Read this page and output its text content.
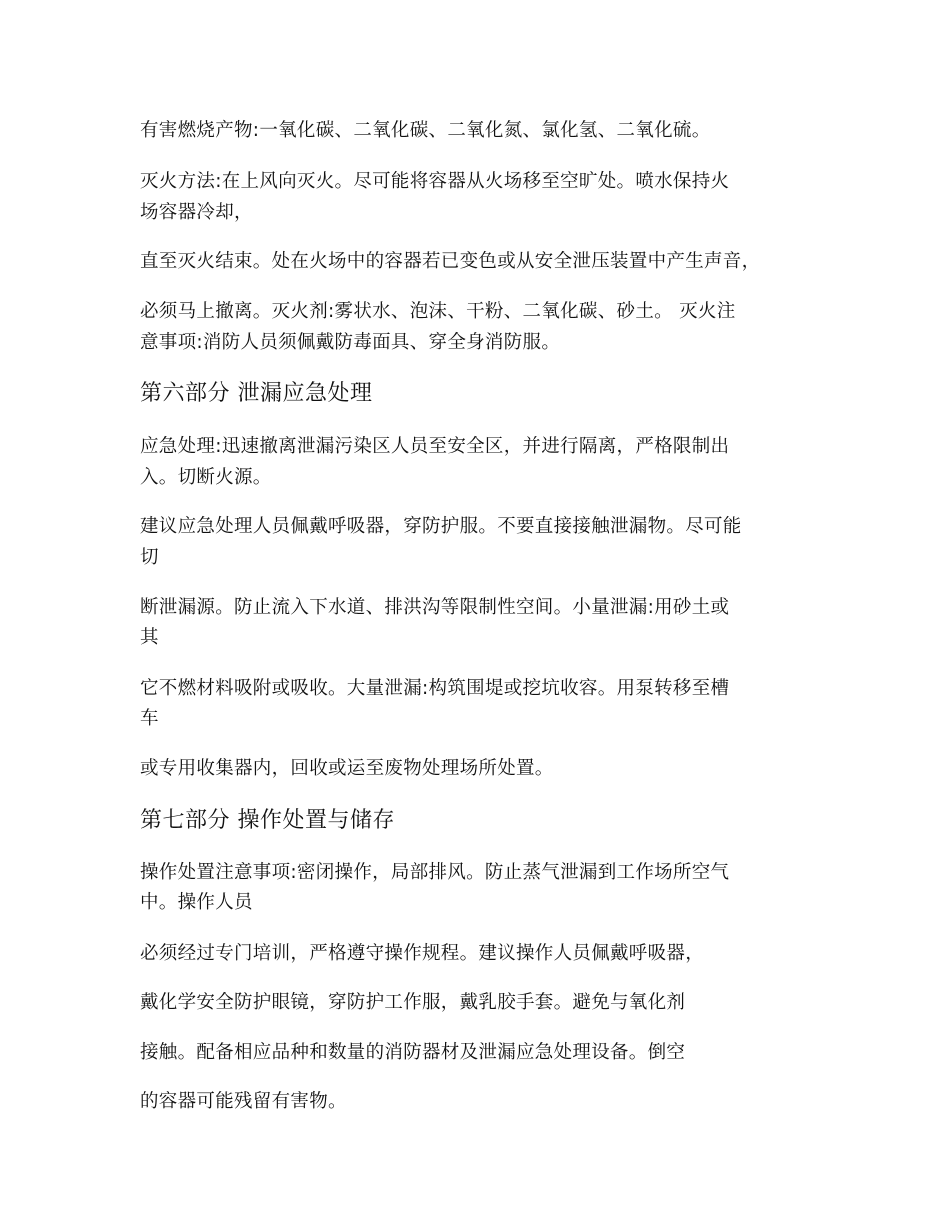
有害燃烧产物:一氧化碳、二氧化碳、二氧化氮、氯化氢、二氧化硫。

灭火方法:在上风向灭火。尽可能将容器从火场移至空旷处。喷水保持火

场容器冷却，

直至灭火结束。处在火场中的容器若已变色或从安全泄压装置中产生声音，

必须马上撤离。灭火剂:雾状水、泡沫、干粉、二氧化碳、砂土。 灭火注

意事项:消防人员须佩戴防毒面具、穿全身消防服。

第六部分 泄漏应急处理

应急处理:迅速撤离泄漏污染区人员至安全区，并进行隔离，严格限制出

入。切断火源。

建议应急处理人员佩戴呼吸器，穿防护服。不要直接接触泄漏物。尽可能

切

断泄漏源。防止流入下水道、排洪沟等限制性空间。小量泄漏:用砂土或

其

它不燃材料吸附或吸收。大量泄漏:构筑围堤或挖坑收容。用泵转移至槽

车

或专用收集器内，回收或运至废物处理场所处置。

第七部分 操作处置与储存

操作处置注意事项:密闭操作，局部排风。防止蒸气泄漏到工作场所空气

中。操作人员

必须经过专门培训，严格遵守操作规程。建议操作人员佩戴呼吸器，

戴化学安全防护眼镜，穿防护工作服，戴乳胶手套。避免与氧化剂

接触。配备相应品种和数量的消防器材及泄漏应急处理设备。倒空

的容器可能残留有害物。
